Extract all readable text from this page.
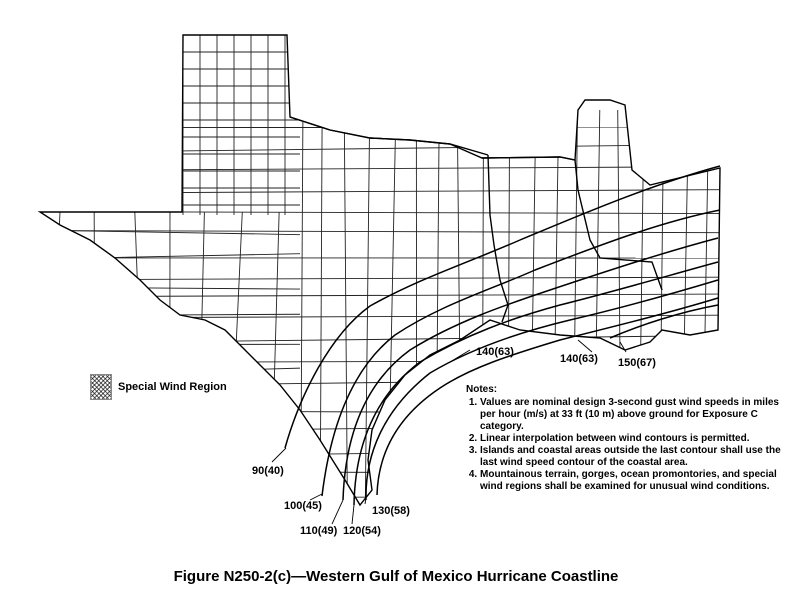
90(40)
100(45)
110(49) 120(54)
130(58)
140(63)
140(63) 150(67)
Special Wind Region	Notes:
1. Values are nominal design 3-second gust wind speeds in miles per hour (m/s) at 33 ft (10 m) above ground for Exposure C category.
2. Linear interpolation between wind contours is permitted.
3. Islands and coastal areas outside the last contour shall use the last wind speed contour of the coastal area.
4. Mountainous terrain, gorges, ocean promontories, and special wind regions shall be examined for unusual wind conditions.
Figure N250-2(c)—Western Gulf of Mexico Hurricane Coastline
